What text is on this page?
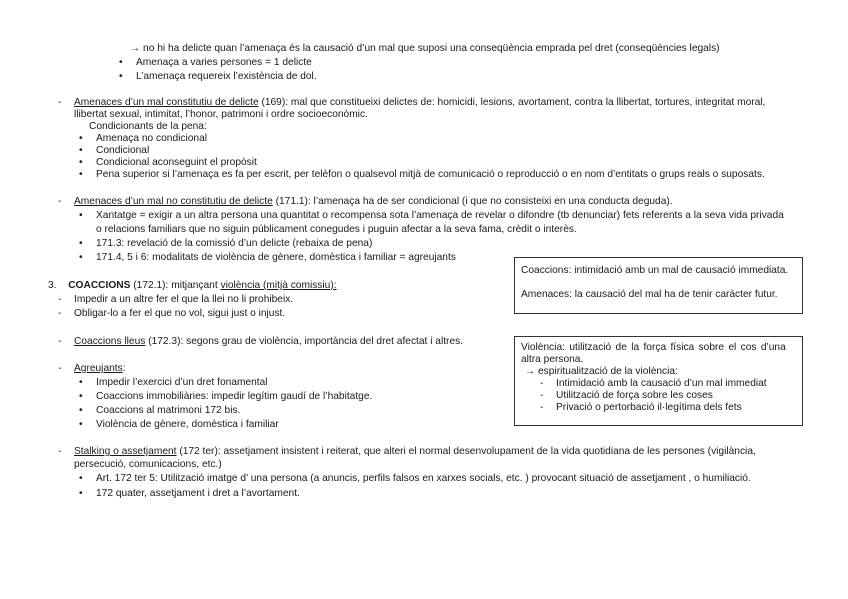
→ no hi ha delicte quan l’amenaça és la causació d’un mal que suposi una conseqüència emprada pel dret (conseqüències legals)
• Amenaça a varies persones = 1 delicte
• L’amenaça requereix l’existència de dol.
- Amenaces d’un mal constitutiu de delicte (169): mal que constitueixi delictes de: homicidi, lesions, avortament, contra la llibertat, tortures, integritat moral,
llibertat sexual, intimitat, l’honor, patrimoni i ordre socioeconòmic.
Condicionants de la pena:
• Amenaça no condicional
• Condicional
• Condicional aconseguint el propòsit
• Pena superior si l’amenaça es fa per escrit, per telèfon o qualsevol mitjà de comunicació o reproducció o en nom d’entitats o grups reals o suposats.
- Amenaces d’un mal no constitutiu de delicte (171.1): l’amenaça ha de ser condicional (i que no consisteixi en una conducta deguda).
• Xantatge = exigir a un altra persona una quantitat o recompensa sota l’amenaça de revelar o difondre (tb denunciar) fets referents a la seva vida privada
o relacions familiars que no siguin públicament conegudes i puguin afectar a la seva fama, crèdit o interès.
• 171.3: revelació de la comissió d’un delicte (rebaixa de pena)
• 171.4, 5 i 6: modalitats de violència de gènere, domèstica i familiar = agreujants
Coaccions: intimidació amb un mal de causació immediata.
Amenaces: la causació del mal ha de tenir caràcter futur.
3. COACCIONS (172.1): mitjançant violència (mitjà comissiu):
- Impedir a un altre fer el que la llei no li prohibeix.
- Obligar-lo a fer el que no vol, sigui just o injust.
- Coaccions lleus (172.3): segons grau de violència, importància del dret afectat i altres.
Violència: utilització de la força física sobre el cos d’una
altra persona.
→ espiritualització de la violència:
- Intimidació amb la causació d’un mal immediat
- Utilització de força sobre les coses
- Privació o pertorbació il·legítima dels fets
- Agreujants:
• Impedir l’exercici d’un dret fonamental
• Coaccions immobiliàries: impedir legítim gaudí de l’habitatge.
• Coaccions al matrimoni 172 bis.
• Violència de gènere, domèstica i familiar
- Stalking o assetjament (172 ter): assetjament insistent i reiterat, que alteri el normal desenvolupament de la vida quotidiana de les persones (vigilància,
persecució, comunicacions, etc.)
• Art. 172 ter 5: Utilització imatge d’ una persona (a anuncis, perfils falsos en xarxes socials, etc. ) provocant situació de assetjament , o humiliació.
• 172 quater, assetjament i dret a l’avortament.
